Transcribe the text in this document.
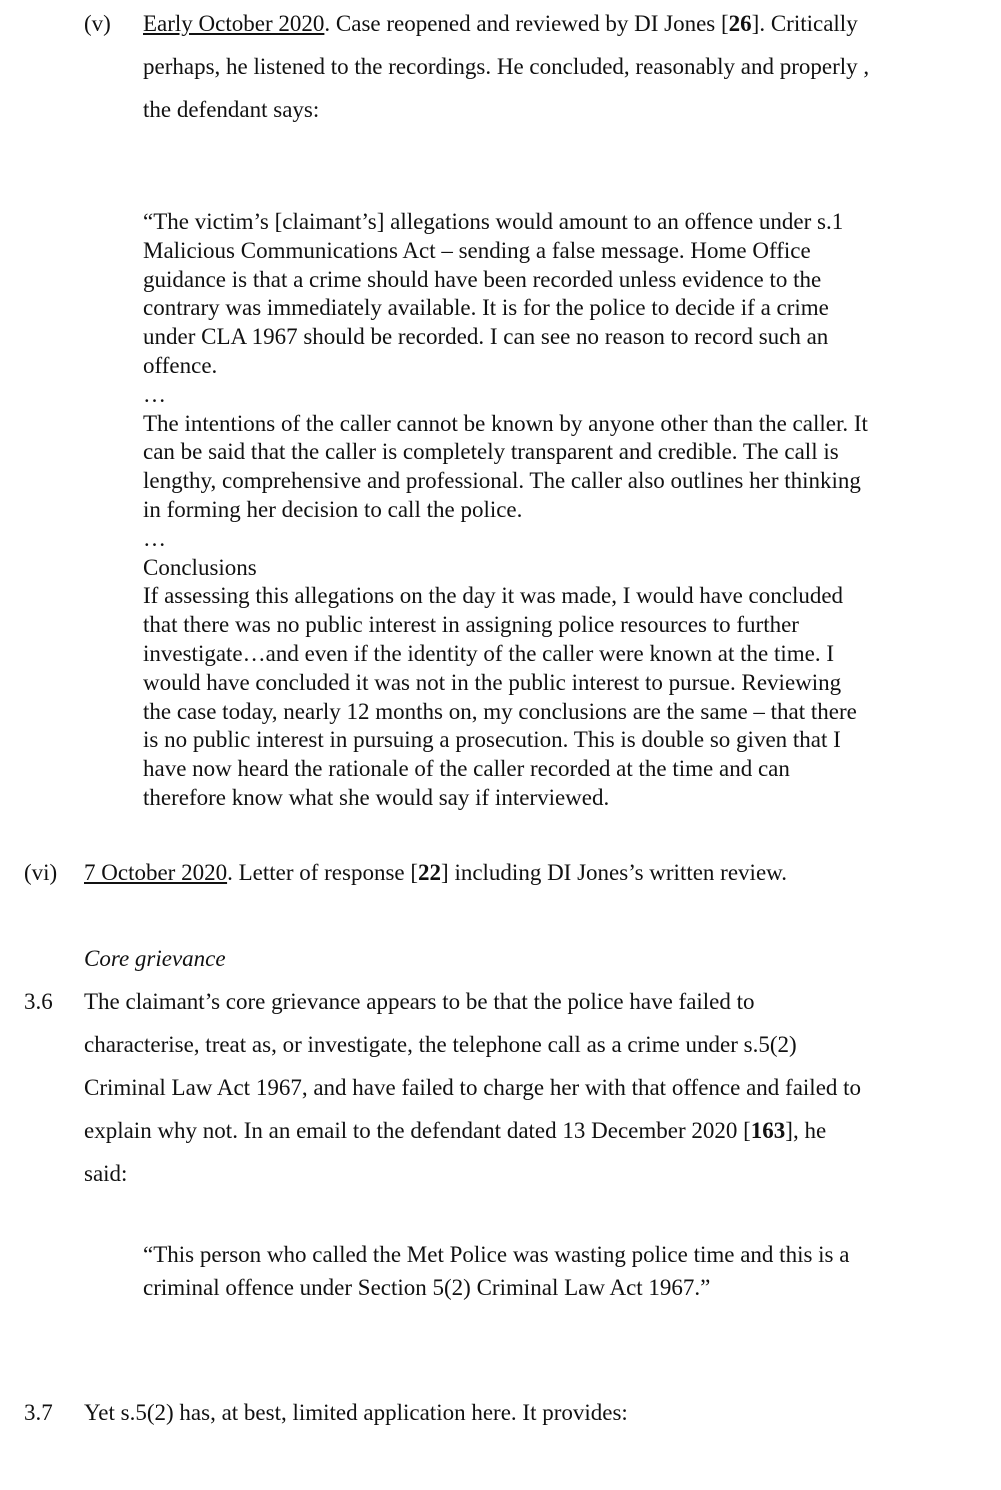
(v) Early October 2020. Case reopened and reviewed by DI Jones [26]. Critically
perhaps, he listened to the recordings. He concluded, reasonably and properly ,
the defendant says:
“The victim’s [claimant’s] allegations would amount to an offence under s.1
Malicious Communications Act – sending a false message. Home Office
guidance is that a crime should have been recorded unless evidence to the
contrary was immediately available. It is for the police to decide if a crime
under CLA 1967 should be recorded. I can see no reason to record such an
offence.
…
The intentions of the caller cannot be known by anyone other than the caller. It
can be said that the caller is completely transparent and credible. The call is
lengthy, comprehensive and professional. The caller also outlines her thinking
in forming her decision to call the police.
…
Conclusions
If assessing this allegations on the day it was made, I would have concluded
that there was no public interest in assigning police resources to further
investigate…and even if the identity of the caller were known at the time. I
would have concluded it was not in the public interest to pursue. Reviewing
the case today, nearly 12 months on, my conclusions are the same – that there
is no public interest in pursuing a prosecution. This is double so given that I
have now heard the rationale of the caller recorded at the time and can
therefore know what she would say if interviewed.
(vi) 7 October 2020. Letter of response [22] including DI Jones’s written review.
Core grievance
3.6 The claimant’s core grievance appears to be that the police have failed to
characterise, treat as, or investigate, the telephone call as a crime under s.5(2)
Criminal Law Act 1967, and have failed to charge her with that offence and failed to
explain why not. In an email to the defendant dated 13 December 2020 [163], he
said:
“This person who called the Met Police was wasting police time and this is a
criminal offence under Section 5(2) Criminal Law Act 1967.”
3.7 Yet s.5(2) has, at best, limited application here. It provides:
